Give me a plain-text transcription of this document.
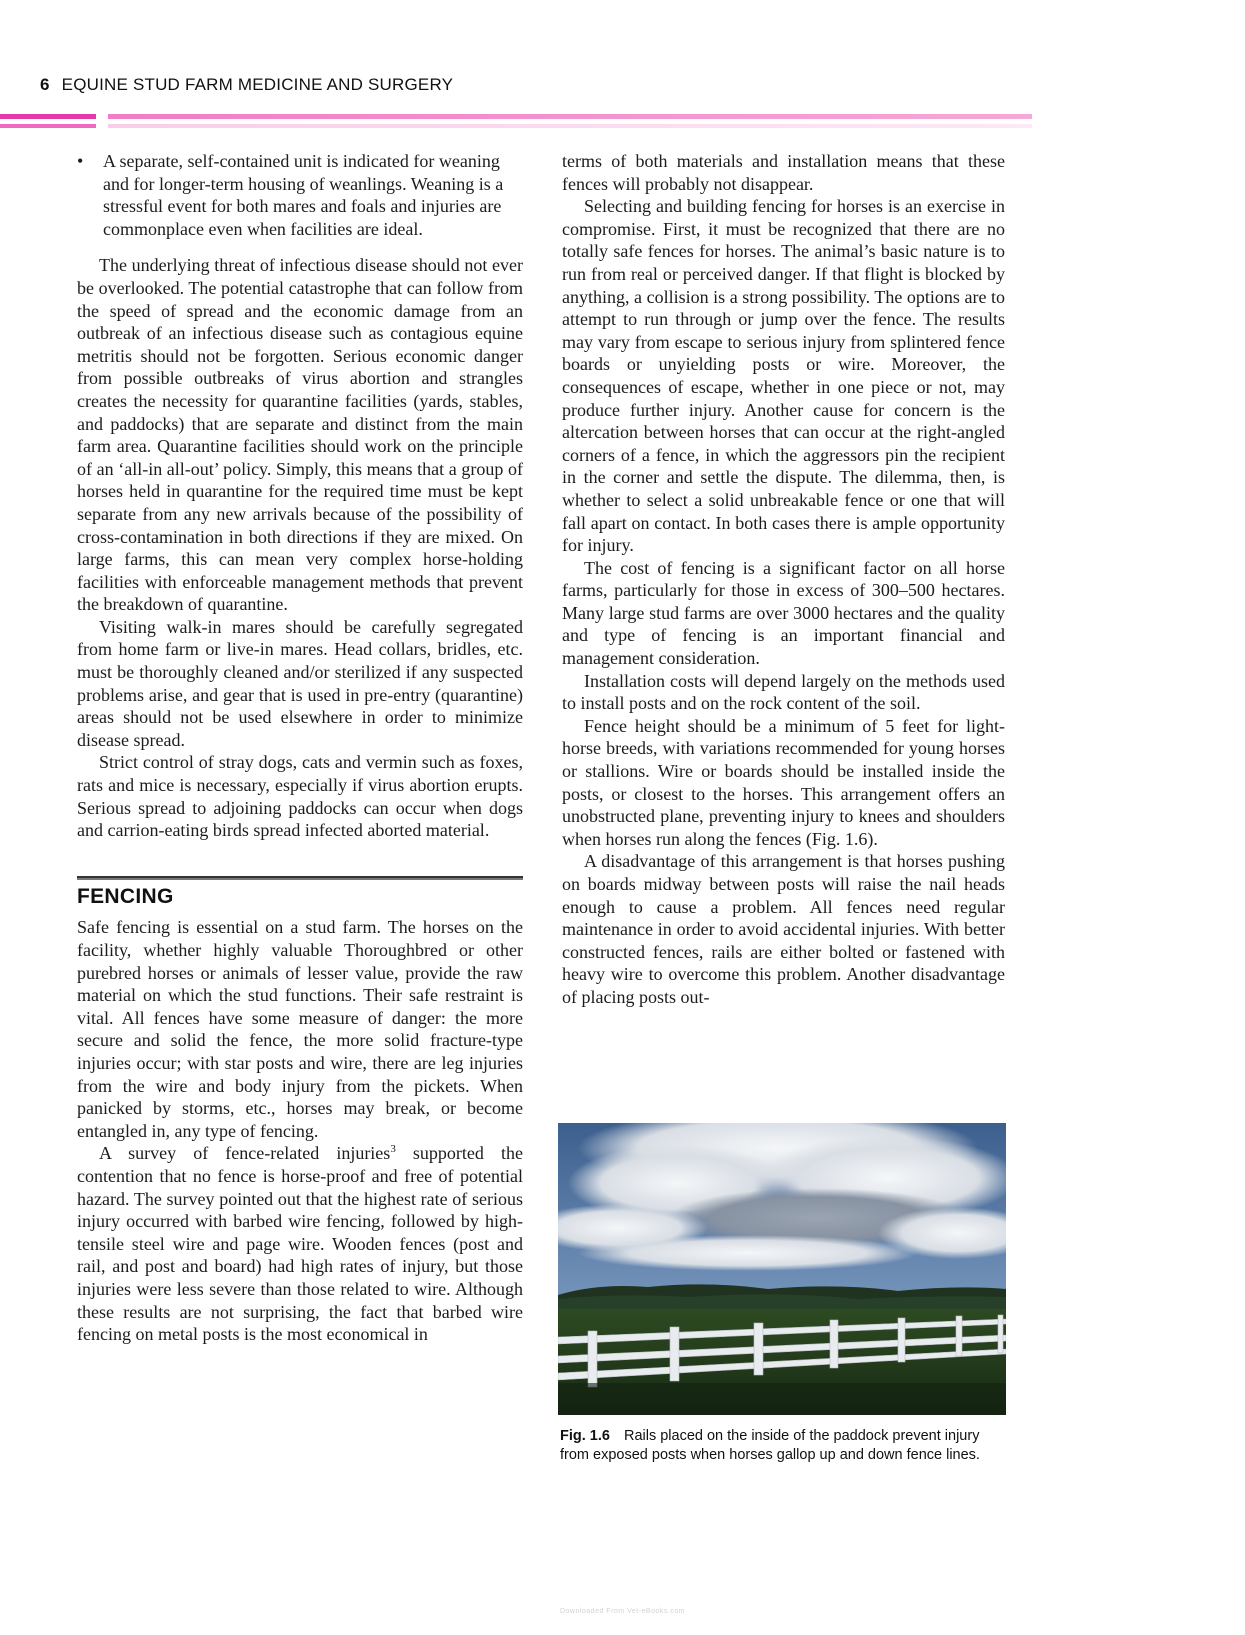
6 EQUINE STUD FARM MEDICINE AND SURGERY
• A separate, self-contained unit is indicated for weaning and for longer-term housing of weanlings. Weaning is a stressful event for both mares and foals and injuries are commonplace even when facilities are ideal.

The underlying threat of infectious disease should not ever be overlooked. The potential catastrophe that can follow from the speed of spread and the economic damage from an outbreak of an infectious disease such as contagious equine metritis should not be forgotten. Serious economic danger from possible outbreaks of virus abortion and strangles creates the necessity for quarantine facilities (yards, stables, and paddocks) that are separate and distinct from the main farm area. Quarantine facilities should work on the principle of an ‘all-in all-out’ policy. Simply, this means that a group of horses held in quarantine for the required time must be kept separate from any new arrivals because of the possibility of cross-contamination in both directions if they are mixed. On large farms, this can mean very complex horse-holding facilities with enforceable management methods that prevent the breakdown of quarantine.

Visiting walk-in mares should be carefully segregated from home farm or live-in mares. Head collars, bridles, etc. must be thoroughly cleaned and/or sterilized if any suspected problems arise, and gear that is used in pre-entry (quarantine) areas should not be used elsewhere in order to minimize disease spread.

Strict control of stray dogs, cats and vermin such as foxes, rats and mice is necessary, especially if virus abortion erupts. Serious spread to adjoining paddocks can occur when dogs and carrion-eating birds spread infected aborted material.

FENCING

Safe fencing is essential on a stud farm. The horses on the facility, whether highly valuable Thoroughbred or other purebred horses or animals of lesser value, provide the raw material on which the stud functions. Their safe restraint is vital. All fences have some measure of danger: the more secure and solid the fence, the more solid fracture-type injuries occur; with star posts and wire, there are leg injuries from the wire and body injury from the pickets. When panicked by storms, etc., horses may break, or become entangled in, any type of fencing.

A survey of fence-related injuries$^3$ supported the contention that no fence is horse-proof and free of potential hazard. The survey pointed out that the highest rate of serious injury occurred with barbed wire fencing, followed by high-tensile steel wire and page wire. Wooden fences (post and rail, and post and board) had high rates of injury, but those injuries were less severe than those related to wire. Although these results are not surprising, the fact that barbed wire fencing on metal posts is the most economical in

terms of both materials and installation means that these fences will probably not disappear.

Selecting and building fencing for horses is an exercise in compromise. First, it must be recognized that there are no totally safe fences for horses. The animal’s basic nature is to run from real or perceived danger. If that flight is blocked by anything, a collision is a strong possibility. The options are to attempt to run through or jump over the fence. The results may vary from escape to serious injury from splintered fence boards or unyielding posts or wire. Moreover, the consequences of escape, whether in one piece or not, may produce further injury. Another cause for concern is the altercation between horses that can occur at the right-angled corners of a fence, in which the aggressors pin the recipient in the corner and settle the dispute. The dilemma, then, is whether to select a solid unbreakable fence or one that will fall apart on contact. In both cases there is ample opportunity for injury.

The cost of fencing is a significant factor on all horse farms, particularly for those in excess of 300–500 hectares. Many large stud farms are over 3000 hectares and the quality and type of fencing is an important financial and management consideration.

Installation costs will depend largely on the methods used to install posts and on the rock content of the soil.

Fence height should be a minimum of 5 feet for light-horse breeds, with variations recommended for young horses or stallions. Wire or boards should be installed inside the posts, or closest to the horses. This arrangement offers an unobstructed plane, preventing injury to knees and shoulders when horses run along the fences (Fig. 1.6).

A disadvantage of this arrangement is that horses pushing on boards midway between posts will raise the nail heads enough to cause a problem. All fences need regular maintenance in order to avoid accidental injuries. With better constructed fences, rails are either bolted or fastened with heavy wire to overcome this problem. Another disadvantage of placing posts out-

Fig. 1.6 Rails placed on the inside of the paddock prevent injury from exposed posts when horses gallop up and down fence lines.
Downloaded From Vet-eBooks.com
